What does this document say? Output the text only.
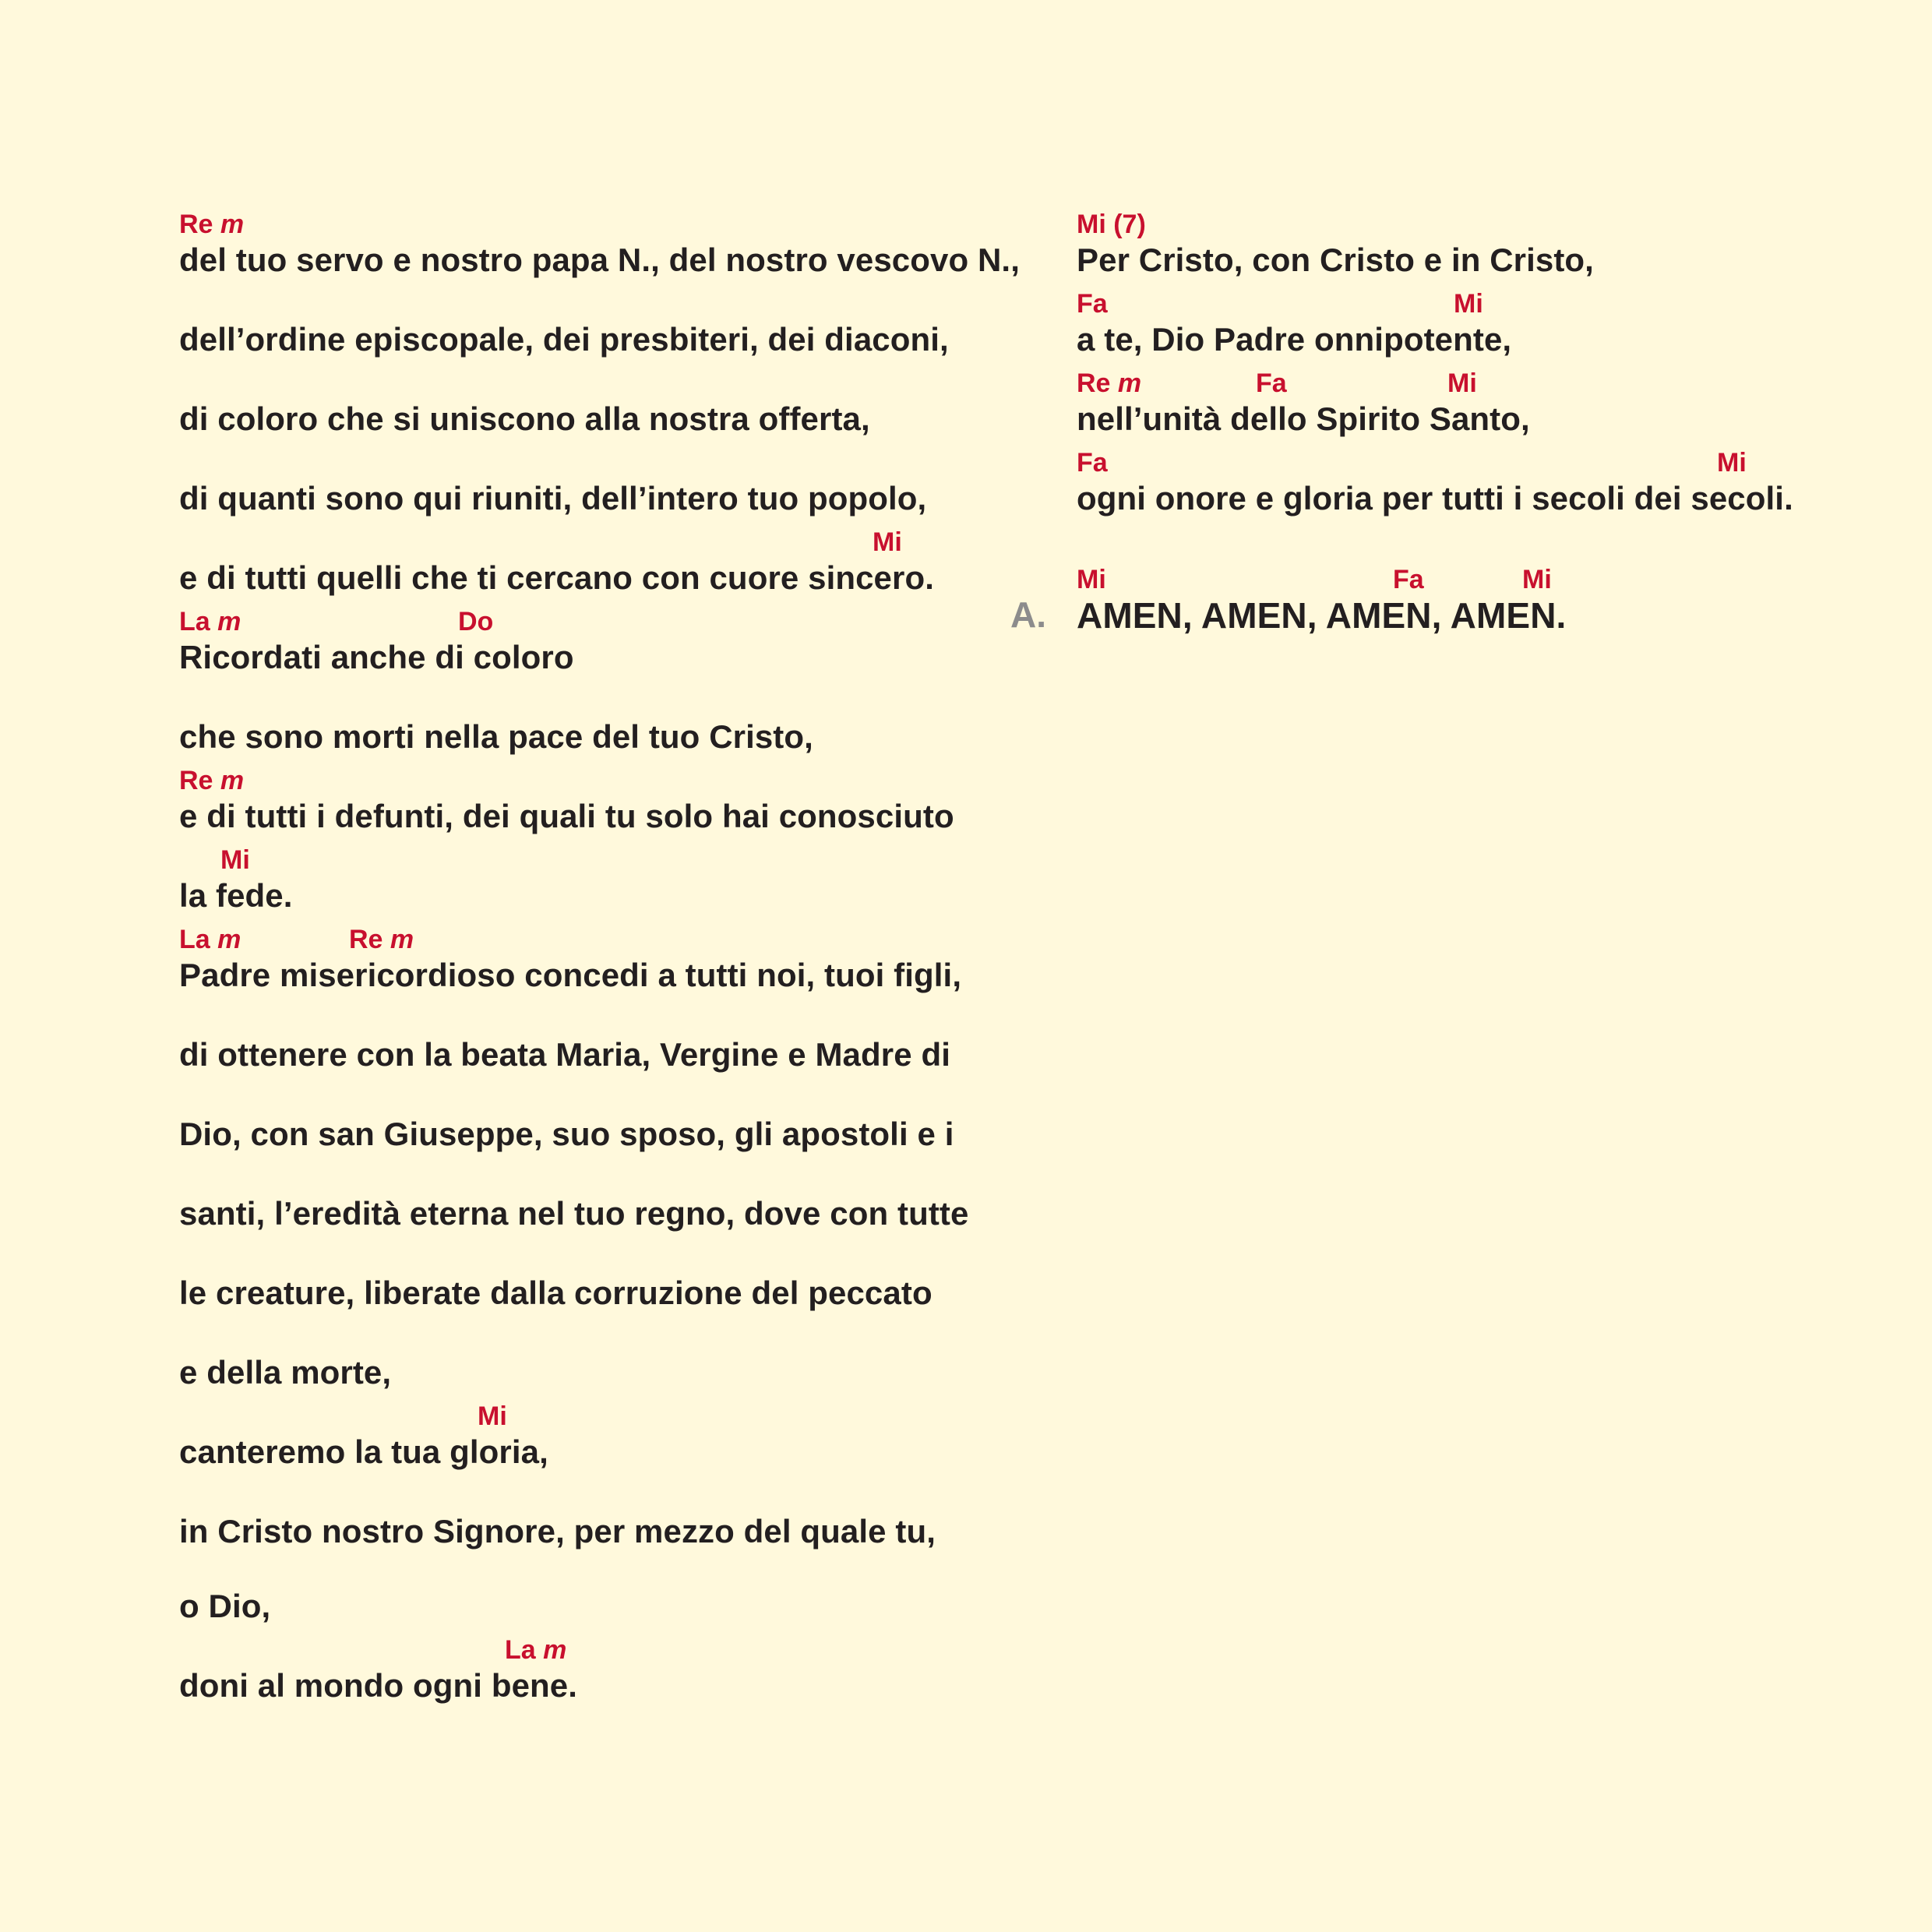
Re m
del tuo servo e nostro papa N., del nostro vescovo N.,
dell’ordine episcopale, dei presbiteri, dei diaconi,
di coloro che si uniscono alla nostra offerta,
di quanti sono qui riuniti, dell’intero tuo popolo,
Mi
e di tutti quelli che ti cercano con cuore sincero.
La m	Do
Ricordati anche di coloro
che sono morti nella pace del tuo Cristo,
Re m
e di tutti i defunti, dei quali tu solo hai conosciuto
Mi
la fede.
La m	Re m
Padre misericordioso concedi a tutti noi, tuoi figli,
di ottenere con la beata Maria, Vergine e Madre di
Dio, con san Giuseppe, suo sposo, gli apostoli e i
santi, l’eredità eterna nel tuo regno, dove con tutte
le creature, liberate dalla corruzione del peccato
e della morte,
Mi
canteremo la tua gloria,
in Cristo nostro Signore, per mezzo del quale tu,
o Dio,
La m
doni al mondo ogni bene.
Mi (7)
Per Cristo, con Cristo e in Cristo,
Fa	Mi
a te, Dio Padre onnipotente,
Re m	Fa	Mi
nell’unità dello Spirito Santo,
Fa	Mi
ogni onore e gloria per tutti i secoli dei secoli.
Mi	Fa	Mi
AMEN, AMEN, AMEN, AMEN.
A.
